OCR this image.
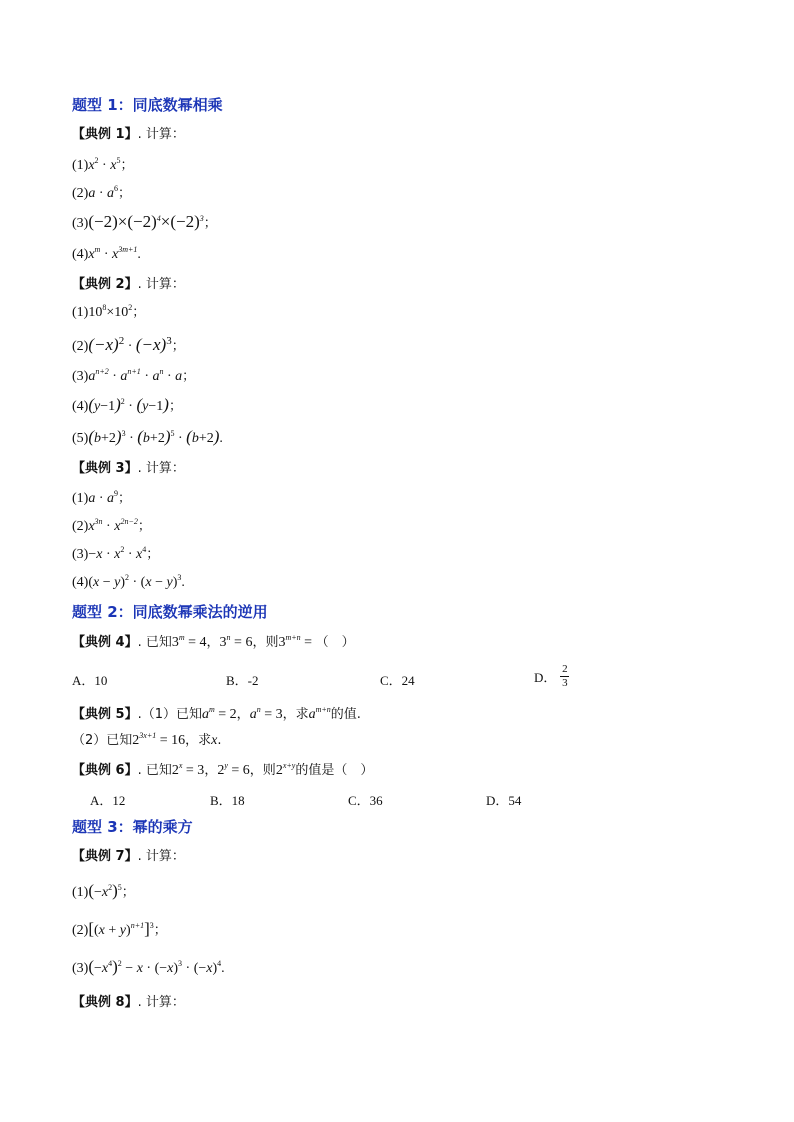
题型 1：同底数幂相乘
【典例 1】. 计算：
$(1)x^2 \cdot x^5$；
$(2)a \cdot a^6$；
$(3)(-2)\times(-2)^4\times(-2)^3$；
$(4)x^m \cdot x^{3m+1}$.
【典例 2】. 计算：
$(1)10^8\times 10^2$；
$(2)(-x)^2 \cdot (-x)^3$；
$(3)a^{n+2} \cdot a^{n+1} \cdot a^n \cdot a$；
$(4)(y-1)^2 \cdot (y-1)$；
$(5)(b+2)^3 \cdot (b+2)^5 \cdot (b+2)$.
【典例 3】. 计算：
$(1)a \cdot a^9$；
$(2)x^{3n} \cdot x^{2n-2}$；
$(3)-x \cdot x^2 \cdot x^4$；
$(4)(x - y)^2 \cdot (x - y)^3$.
题型 2：同底数幂乘法的逆用
【典例 4】. 已知$3^m = 4$，$3^n = 6$，则$3^{m+n}$ = （　）
A．10	B．-2	C．24	D． $\frac{2}{3}$
【典例 5】.（1）已知$a^m = 2$，$a^n = 3$，求$a^{m+n}$的值.
（2）已知$2^{3x+1} = 16$，求x.
【典例 6】. 已知$2^x = 3$，$2^y = 6$，则$2^{x+y}$的值是（　）
A．12	B．18	C．36	D．54
题型 3：幂的乘方
【典例 7】. 计算：
$(1)(-x^2)^5$；
$(2)[(x + y)^{n+1}]^3$；
$(3)(-x^4)^2 - x \cdot (-x)^3 \cdot (-x)^4$.
【典例 8】. 计算：
